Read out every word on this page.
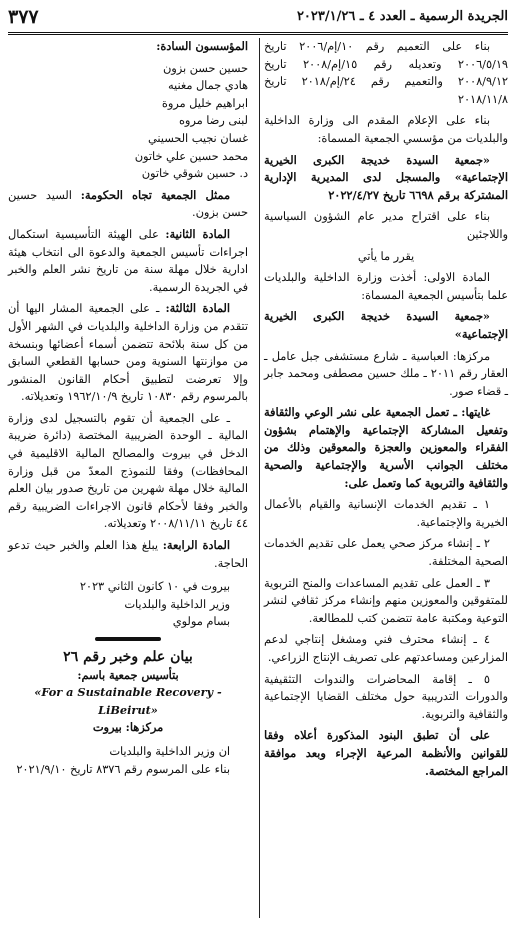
الجريدة الرسمية ـ العدد ٤ ـ ٢٠٢٣/١/٢٦
٣٧٧

بناء على التعميم رقم ١٠/إم/٢٠٠٦ تاريخ ٢٠٠٦/٥/١٩ وتعديله رقم ١٥/إم/٢٠٠٨ تاريخ ٢٠٠٨/٩/١٢ والتعميم رقم ٢٤/إم/٢٠١٨ تاريخ ٢٠١٨/١١/٨

بناء على الإعلام المقدم الى وزارة الداخلية والبلديات من مؤسسي الجمعية المسماة:

«جمعية السيدة خديجة الكبرى الخيرية الإجتماعية» والمسجل لدى المديرية الإدارية المشتركة برقم ٦٦٩٨ تاريخ ٢٠٢٢/٤/٢٧

بناء على اقتراح مدير عام الشؤون السياسية واللاجئين

يقرر ما يأتي

المادة الاولى: أخذت وزارة الداخلية والبلديات علما بتأسيس الجمعية المسماة:

«جمعية السيدة خديجة الكبرى الخيرية الإجتماعية»

مركزها: العباسية ـ شارع مستشفى جبل عامل ـ العقار رقم ٢٠١١ ـ ملك حسين مصطفى ومحمد جابر ـ قضاء صور.

غايتها: ـ تعمل الجمعية على نشر الوعي والثقافة وتفعيل المشاركة الإجتماعية والإهتمام بشؤون الفقراء والمعوزين والعجزة والمعوقين وذلك من مختلف الجوانب الأسرية والإجتماعية والصحية والثقافية والتربوية كما وتعمل على:

١ ـ تقديم الخدمات الإنسانية والقيام بالأعمال الخيرية والإجتماعية.

٢ ـ إنشاء مركز صحي يعمل على تقديم الخدمات الصحية المختلفة.

٣ ـ العمل على تقديم المساعدات والمنح التربوية للمتفوقين والمعوزين منهم وإنشاء مركز ثقافي لنشر التوعية ومكتبة عامة تتضمن كتب للمطالعة.

٤ ـ إنشاء محترف فني ومشغل إنتاجي لدعم المزارعين ومساعدتهم على تصريف الإنتاج الزراعي.

٥ ـ إقامة المحاضرات والندوات التثقيفية والدورات التدريبية حول مختلف القضايا الإجتماعية والثقافية والتربوية.

على أن تطبق البنود المذكورة أعلاه وفقا للقوانين والأنظمة المرعية الإجراء وبعد موافقة المراجع المختصة.

المؤسسون السادة:

حسين حسن بزون

هادي جمال مغنيه

ابراهيم خليل مروة

لبنى رضا مروه

غسان نجيب الحسيني

محمد حسين علي خاتون

د. حسين شوقي خاتون

ممثل الجمعية تجاه الحكومة: السيد حسين حسن بزون.

المادة الثانية: على الهيئة التأسيسية استكمال اجراءات تأسيس الجمعية والدعوة الى انتخاب هيئة ادارية خلال مهلة سنة من تاريخ نشر العلم والخبر في الجريدة الرسمية.

المادة الثالثة: ـ على الجمعية المشار اليها أن تتقدم من وزارة الداخلية والبلديات في الشهر الأول من كل سنة بلائحة تتضمن أسماء أعضائها وبنسخة من موازنتها السنوية ومن حسابها القطعي السابق وإلا تعرضت لتطبيق أحكام القانون المنشور بالمرسوم رقم ١٠٨٣٠ تاريخ ١٩٦٢/١٠/٩ وتعديلاته.

ـ على الجمعية أن تقوم بالتسجيل لدى وزارة المالية ـ الوحدة الضريبية المختصة (دائرة ضريبة الدخل في بيروت والمصالح المالية الاقليمية في المحافظات) وفقا للنموذج المعدّ من قبل وزارة المالية خلال مهلة شهرين من تاريخ صدور بيان العلم والخبر وفقا لأحكام قانون الاجراءات الضريبية رقم ٤٤ تاريخ ٢٠٠٨/١١/١١ وتعديلاته.

المادة الرابعة: يبلغ هذا العلم والخبر حيث تدعو الحاجة.

بيروت في ١٠ كانون الثاني ٢٠٢٣

وزير الداخلية والبلديات

بسام مولوي

بيان علم وخبر رقم ٢٦

بتأسيس جمعية باسم:

«For a Sustainable Recovery - LiBeirut»

مركزها: بيروت

ان وزير الداخلية والبلديات

بناء على المرسوم رقم ٨٣٧٦ تاريخ ٢٠٢١/٩/١٠
